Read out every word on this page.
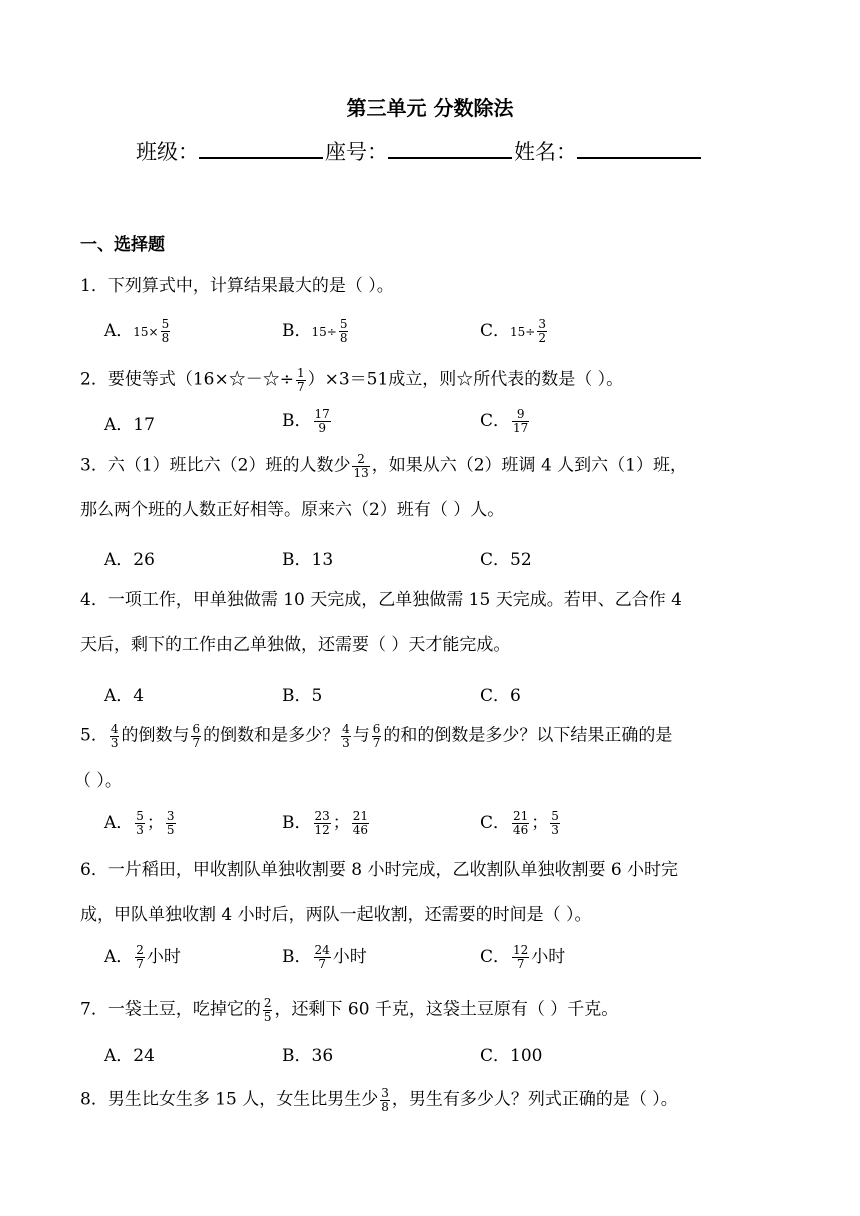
第三单元 分数除法
班级：	座号：	姓名：
一、选择题
1．下列算式中，计算结果最大的是（ ）。
A．$15\times \frac{5}{8}$	B．$15\div \frac{5}{8}$	C．$15\div \frac{3}{2}$
2．要使等式（16×☆－☆÷ $\frac{1}{7} )\times 3=51$成立，则☆所代表的数是（ ）。
A．17	B． $\frac{17}{9}$	C． $\frac{9}{17}$
3．六（1）班比六（2）班的人数少 $\frac{2}{13}$ ，如果从六（2）班调 4 人到六（1）班，
那么两个班的人数正好相等。原来六（2）班有（ ）人。
A．26	B．13	C．52
4．一项工作，甲单独做需 10 天完成，乙单独做需 15 天完成。若甲、乙合作 4
天后，剩下的工作由乙单独做，还需要（ ）天才能完成。
A．4	B．5	C．6
5． $\frac{4}{3}$ 的倒数与 $\frac{6}{7}$ 的倒数和是多少？ $\frac{4}{3}$ 与 $\frac{6}{7}$ 的和的倒数是多少？以下结果正确的是
（ ）。
A． $\frac{5}{3}$ ； $\frac{3}{5}$	B． $\frac{23}{12}$ ； $\frac{21}{46}$	C． $\frac{21}{46}$ ； $\frac{5}{3}$
6．一片稻田，甲收割队单独收割要 8 小时完成，乙收割队单独收割要 6 小时完
成，甲队单独收割 4 小时后，两队一起收割，还需要的时间是（ ）。
A． $\frac{2}{7}$ 小时	B． $\frac{24}{7}$ 小时	C． $\frac{12}{7}$ 小时
7．一袋土豆，吃掉它的 $\frac{2}{5}$ ，还剩下 60 千克，这袋土豆原有（ ）千克。
A．24	B．36	C．100
8．男生比女生多 15 人，女生比男生少 $\frac{3}{8}$ ，男生有多少人？列式正确的是（ ）。
